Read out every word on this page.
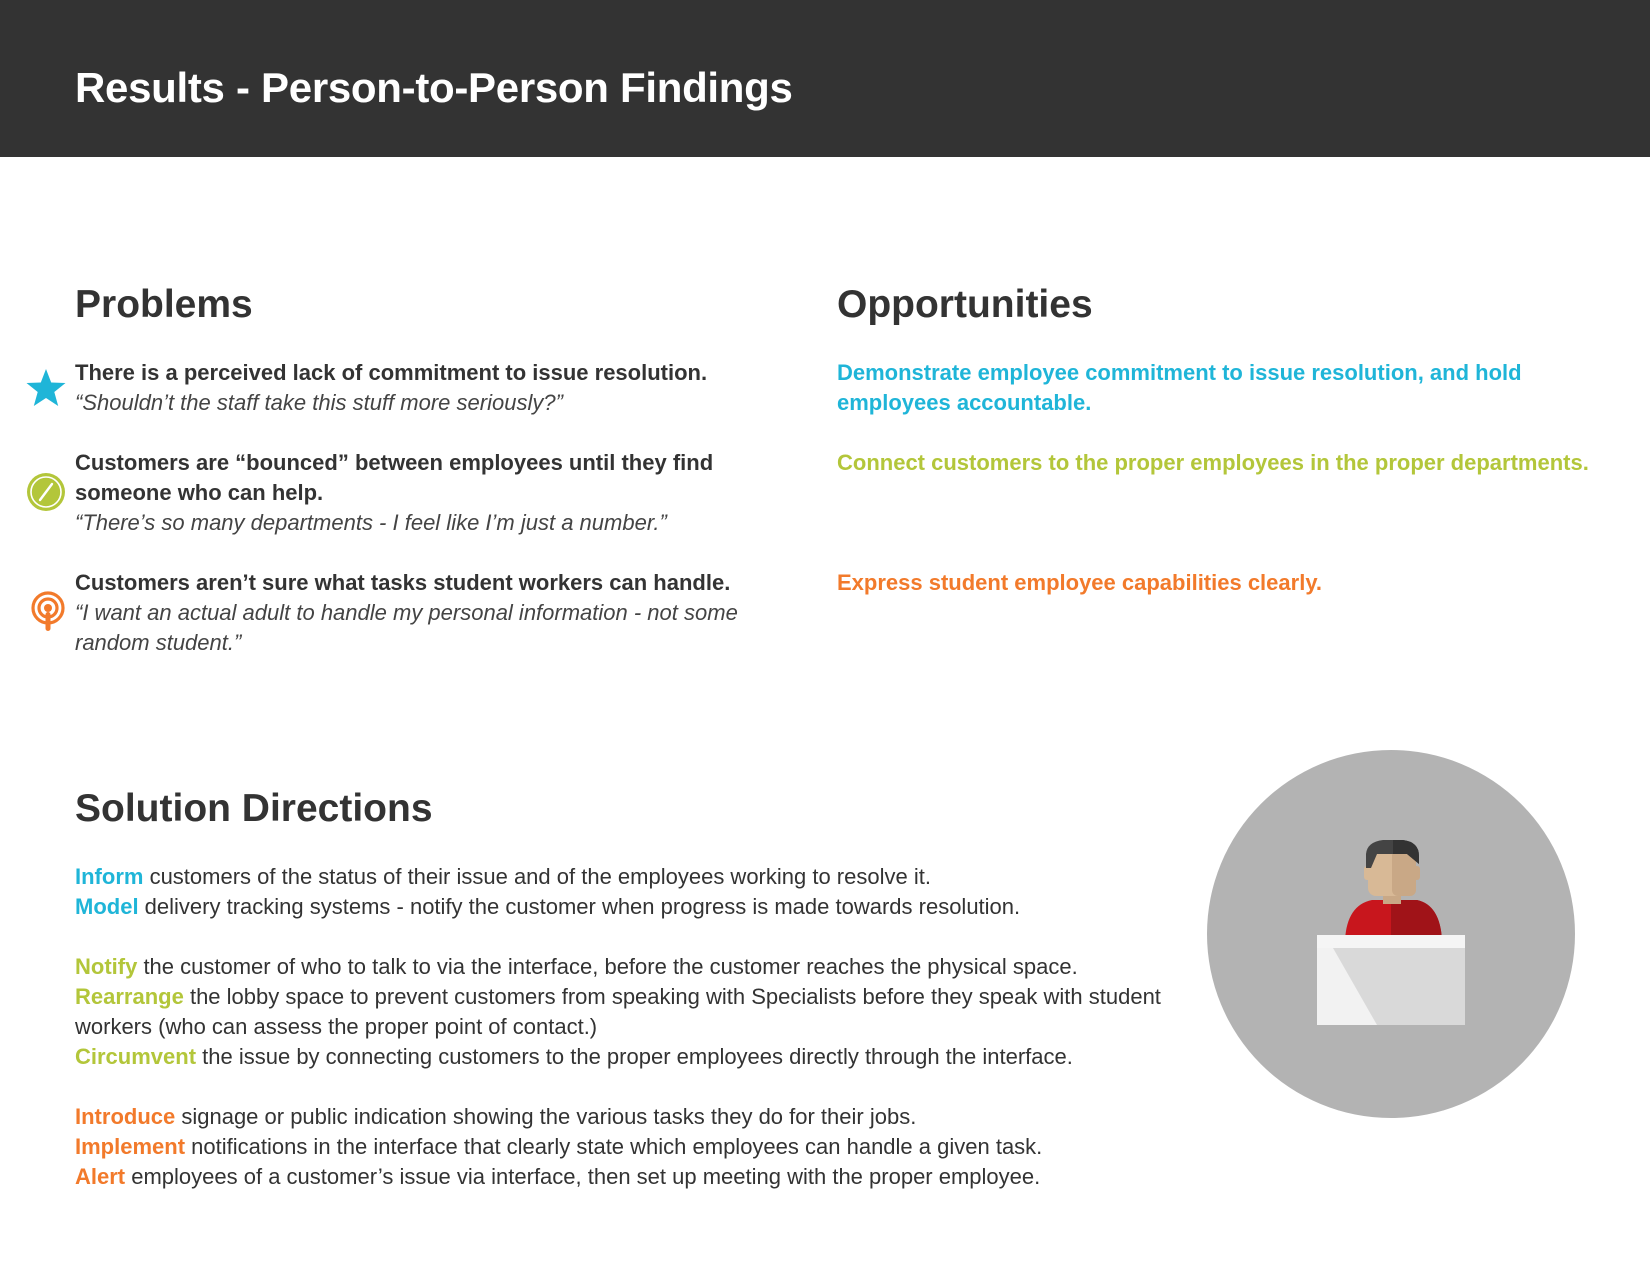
Results - Person-to-Person Findings
Problems	Opportunities
Solution Directions
There is a perceived lack of commitment to issue resolution.
“Shouldn’t the staff take this stuff more seriously?”
Customers are “bounced” between employees until they find someone who can help.
“There’s so many departments - I feel like I’m just a number.”
Customers aren’t sure what tasks student workers can handle.
“I want an actual adult to handle my personal information - not some random student.”
Demonstrate employee commitment to issue resolution, and hold employees accountable.
Connect customers to the proper employees in the proper departments.
Express student employee capabilities clearly.
Inform customers of the status of their issue and of the employees working to resolve it.
Model delivery tracking systems - notify the customer when progress is made towards resolution.
Notify the customer of who to talk to via the interface, before the customer reaches the physical space.
Rearrange the lobby space to prevent customers from speaking with Specialists before they speak with student workers (who can assess the proper point of contact.)
Circumvent the issue by connecting customers to the proper employees directly through the interface.
Introduce signage or public indication showing the various tasks they do for their jobs.
Implement notifications in the interface that clearly state which employees can handle a given task.
Alert employees of a customer’s issue via interface, then set up meeting with the proper employee.
